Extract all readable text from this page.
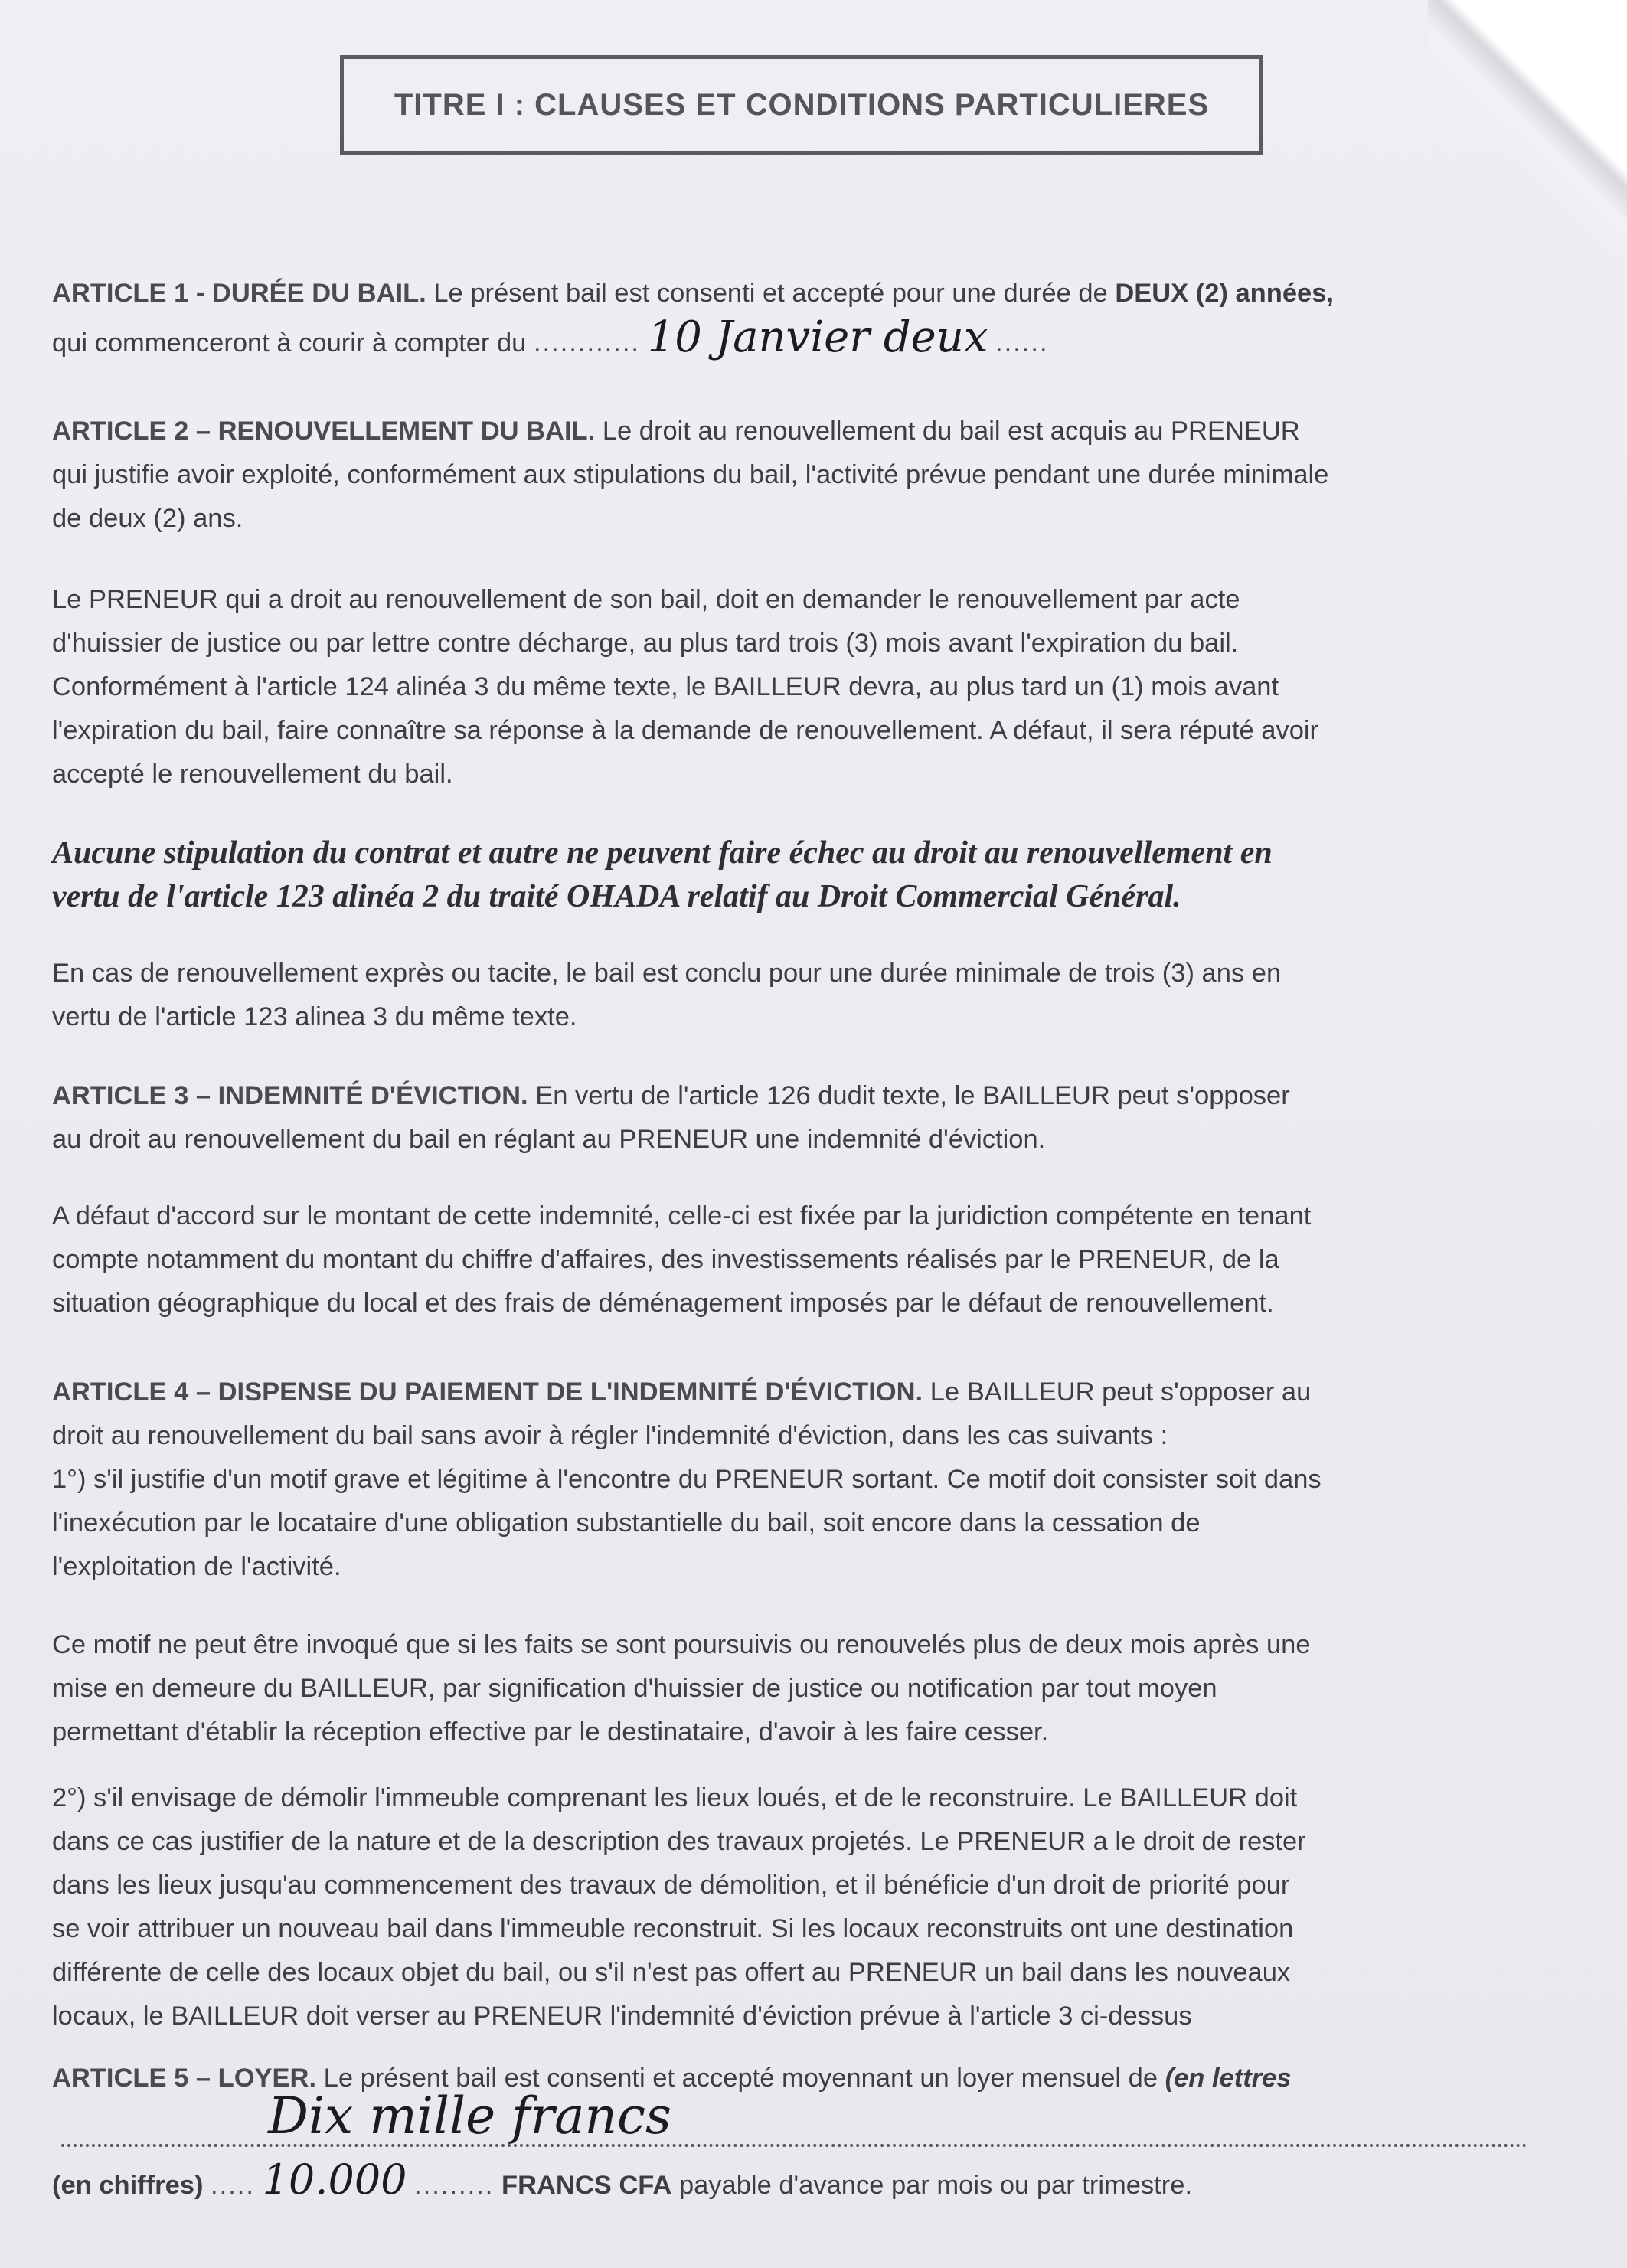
TITRE I : CLAUSES ET CONDITIONS PARTICULIERES
ARTICLE 1 - DURÉE DU BAIL. Le présent bail est consenti et accepté pour une durée de DEUX (2) années,
qui commenceront à courir à compter du ............ 10 Janvier deux ......
ARTICLE 2 – RENOUVELLEMENT DU BAIL. Le droit au renouvellement du bail est acquis au PRENEUR
qui justifie avoir exploité, conformément aux stipulations du bail, l'activité prévue pendant une durée minimale
de deux (2) ans.
Le PRENEUR qui a droit au renouvellement de son bail, doit en demander le renouvellement par acte
d'huissier de justice ou par lettre contre décharge, au plus tard trois (3) mois avant l'expiration du bail.
Conformément à l'article 124 alinéa 3 du même texte, le BAILLEUR devra, au plus tard un (1) mois avant
l'expiration du bail, faire connaître sa réponse à la demande de renouvellement. A défaut, il sera réputé avoir
accepté le renouvellement du bail.
Aucune stipulation du contrat et autre ne peuvent faire échec au droit au renouvellement en
vertu de l'article 123 alinéa 2 du traité OHADA relatif au Droit Commercial Général.
En cas de renouvellement exprès ou tacite, le bail est conclu pour une durée minimale de trois (3) ans en
vertu de l'article 123 alinea 3 du même texte.
ARTICLE 3 – INDEMNITÉ D'ÉVICTION. En vertu de l'article 126 dudit texte, le BAILLEUR peut s'opposer
au droit au renouvellement du bail en réglant au PRENEUR une indemnité d'éviction.
A défaut d'accord sur le montant de cette indemnité, celle-ci est fixée par la juridiction compétente en tenant
compte notamment du montant du chiffre d'affaires, des investissements réalisés par le PRENEUR, de la
situation géographique du local et des frais de déménagement imposés par le défaut de renouvellement.
ARTICLE 4 – DISPENSE DU PAIEMENT DE L'INDEMNITÉ D'ÉVICTION. Le BAILLEUR peut s'opposer au
droit au renouvellement du bail sans avoir à régler l'indemnité d'éviction, dans les cas suivants :
1°) s'il justifie d'un motif grave et légitime à l'encontre du PRENEUR sortant. Ce motif doit consister soit dans
l'inexécution par le locataire d'une obligation substantielle du bail, soit encore dans la cessation de
l'exploitation de l'activité.
Ce motif ne peut être invoqué que si les faits se sont poursuivis ou renouvelés plus de deux mois après une
mise en demeure du BAILLEUR, par signification d'huissier de justice ou notification par tout moyen
permettant d'établir la réception effective par le destinataire, d'avoir à les faire cesser.
2°) s'il envisage de démolir l'immeuble comprenant les lieux loués, et de le reconstruire. Le BAILLEUR doit
dans ce cas justifier de la nature et de la description des travaux projetés. Le PRENEUR a le droit de rester
dans les lieux jusqu'au commencement des travaux de démolition, et il bénéficie d'un droit de priorité pour
se voir attribuer un nouveau bail dans l'immeuble reconstruit. Si les locaux reconstruits ont une destination
différente de celle des locaux objet du bail, ou s'il n'est pas offert au PRENEUR un bail dans les nouveaux
locaux, le BAILLEUR doit verser au PRENEUR l'indemnité d'éviction prévue à l'article 3 ci-dessus
ARTICLE 5 – LOYER. Le présent bail est consenti et accepté moyennant un loyer mensuel de (en lettres
Dix mille francs
(en chiffres) ..... 10.000 ......... FRANCS CFA payable d'avance par mois ou par trimestre.
